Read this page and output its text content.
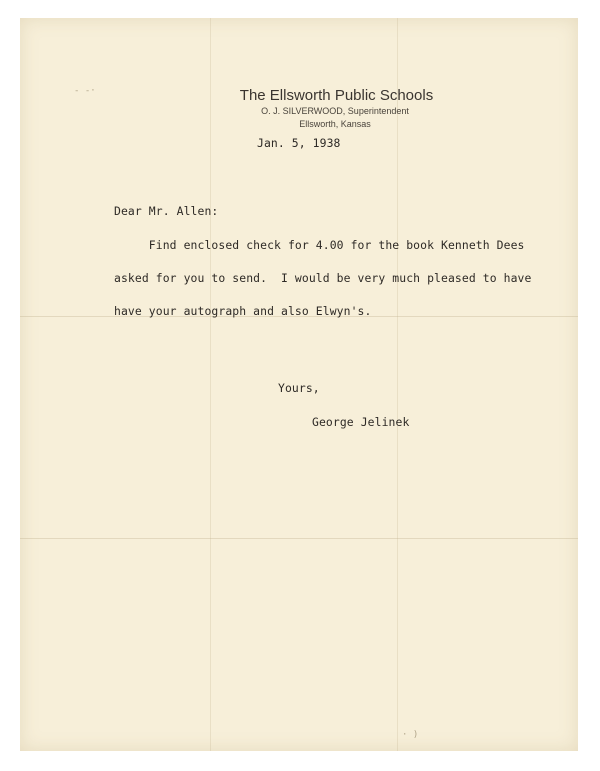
- -·	The Ellsworth Public Schools
O. J. SILVERWOOD, Superintendent
Ellsworth, Kansas
Jan. 5, 1938
Dear Mr. Allen:
Find enclosed check for 4.00 for the book Kenneth Dees
asked for you to send.  I would be very much pleased to have
have your autograph and also Elwyn's.
Yours,
George Jelinek
· )
